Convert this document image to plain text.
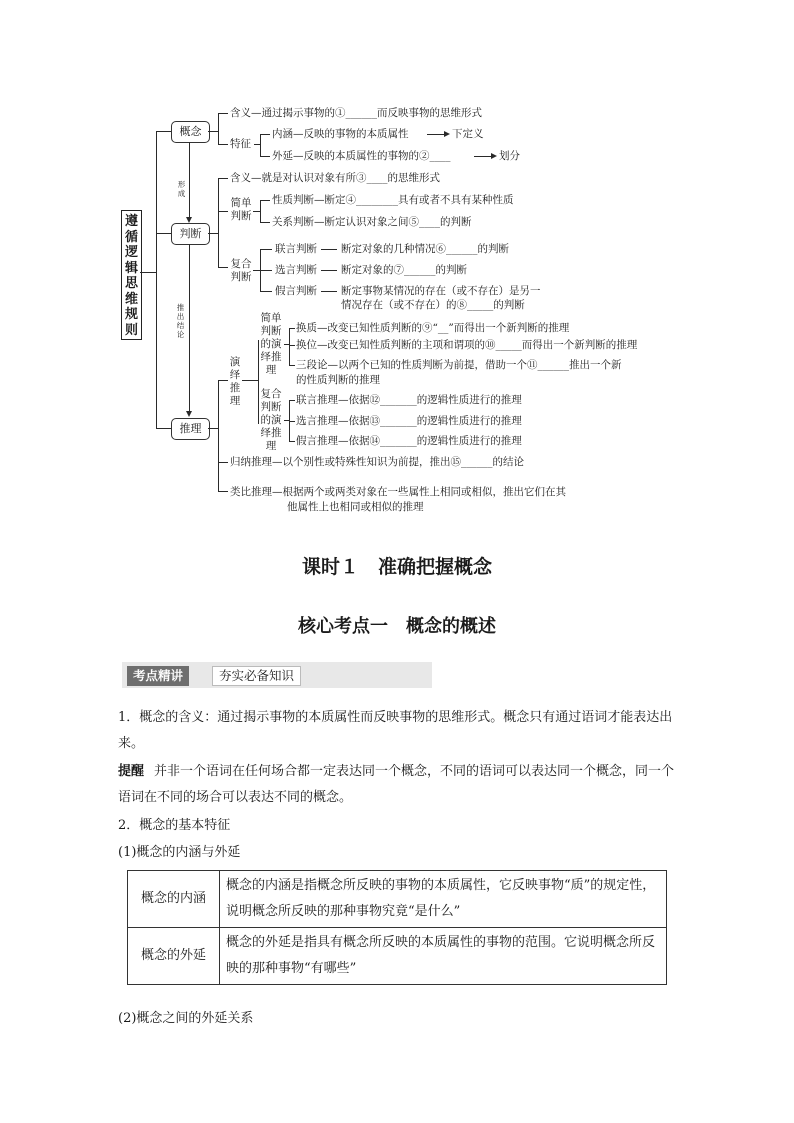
遵循逻辑思维规则
概念
判断
推理
形成
推出结论
含义—通过揭示事物的①______而反映事物的思维形式
特征
内涵—反映的事物的本质属性	下定义
外延—反映的本质属性的事物的②____	划分
含义—就是对认识对象有所③____的思维形式
简单判断
性质判断—断定④________具有或者不具有某种性质
关系判断—断定认识对象之间⑤____的判断
复合判断
联言判断 断定对象的几种情况⑥______的判断
选言判断 断定对象的⑦______的判断
假言判断 断定事物某情况的存在（或不存在）是另一
情况存在（或不存在）的⑧_____的判断
演绎推理
简单判断的演绎推理
换质—改变已知性质判断的⑨“__”而得出一个新判断的推理
换位—改变已知性质判断的主项和谓项的⑩_____而得出一个新判断的推理
三段论—以两个已知的性质判断为前提，借助一个⑪______推出一个新
的性质判断的推理
复合判断的演绎推理
联言推理—依据⑫_______的逻辑性质进行的推理
选言推理—依据⑬_______的逻辑性质进行的推理
假言推理—依据⑭_______的逻辑性质进行的推理
归纳推理—以个别性或特殊性知识为前提，推出⑮______的结论
类比推理—根据两个或两类对象在一些属性上相同或相似，推出它们在其
他属性上也相同或相似的推理
课时１　准确把握概念
核心考点一　概念的概述
考点精讲	夯实必备知识
1．概念的含义：通过揭示事物的本质属性而反映事物的思维形式。概念只有通过语词才能表达出来。
提醒 并非一个语词在任何场合都一定表达同一个概念，不同的语词可以表达同一个概念，同一个语词在不同的场合可以表达不同的概念。
2．概念的基本特征
(1)概念的内涵与外延
概念的内涵	概念的内涵是指概念所反映的事物的本质属性，它反映事物“质”的规定性，说明概念所反映的那种事物究竟“是什么”
概念的外延	概念的外延是指具有概念所反映的本质属性的事物的范围。它说明概念所反映的那种事物“有哪些”
(2)概念之间的外延关系
